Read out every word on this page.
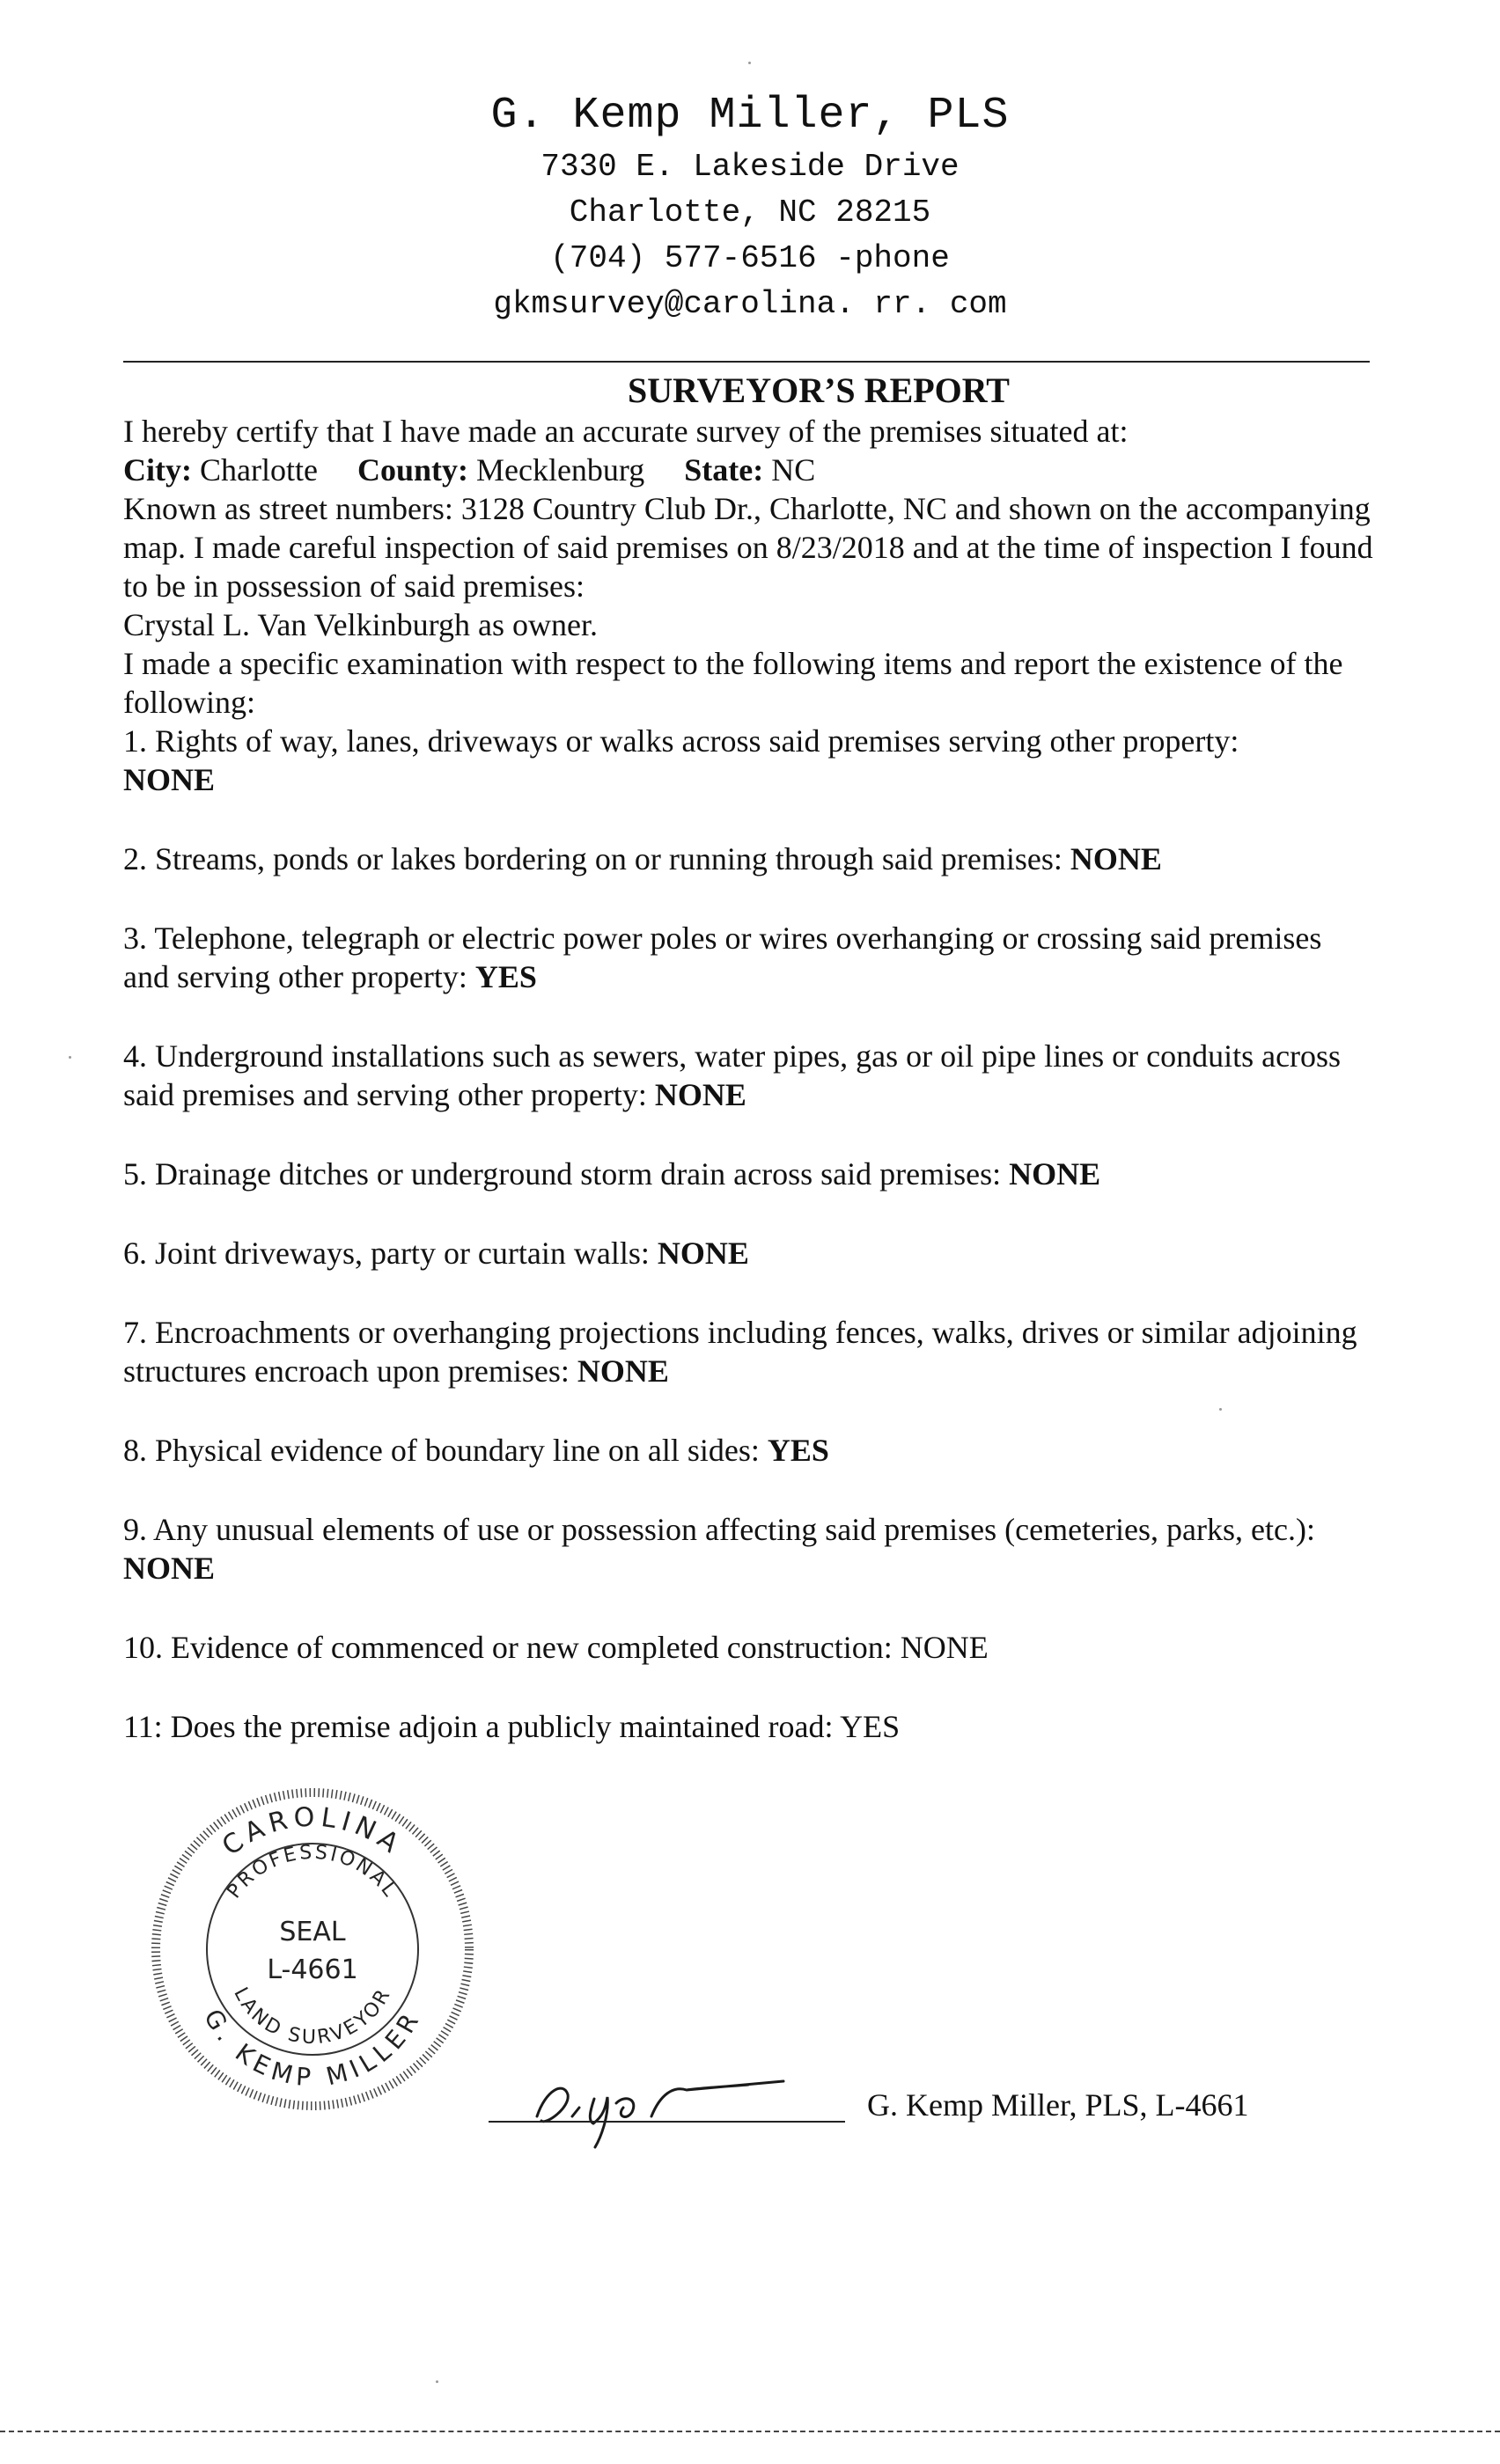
G. Kemp Miller, PLS
7330 E. Lakeside Drive
Charlotte, NC 28215
(704) 577-6516 -phone
gkmsurvey@carolina. rr. com
SURVEYOR’S REPORT

I hereby certify that I have made an accurate survey of the premises situated at:

City: Charlotte County: Mecklenburg State: NC

Known as street numbers: 3128 Country Club Dr., Charlotte, NC and shown on the accompanying map. I made careful inspection of said premises on 8/23/2018 and at the time of inspection I found to be in possession of said premises:

Crystal L. Van Velkinburgh as owner.

I made a specific examination with respect to the following items and report the existence of the following:

1. Rights of way, lanes, driveways or walks across said premises serving other property:
NONE

2. Streams, ponds or lakes bordering on or running through said premises: NONE

3. Telephone, telegraph or electric power poles or wires overhanging or crossing said premises and serving other property: YES

4. Underground installations such as sewers, water pipes, gas or oil pipe lines or conduits across said premises and serving other property: NONE

5. Drainage ditches or underground storm drain across said premises: NONE

6. Joint driveways, party or curtain walls: NONE

7. Encroachments or overhanging projections including fences, walks, drives or similar adjoining structures encroach upon premises: NONE

8. Physical evidence of boundary line on all sides: YES

9. Any unusual elements of use or possession affecting said premises (cemeteries, parks, etc.): NONE

10. Evidence of commenced or new completed construction: NONE

11: Does the premise adjoin a publicly maintained road: YES

CAROLINA
G. KEMP MILLER
PROFESSIONAL
LAND SURVEYOR
SEAL
L-4661
G. Kemp Miller, PLS, L-4661
